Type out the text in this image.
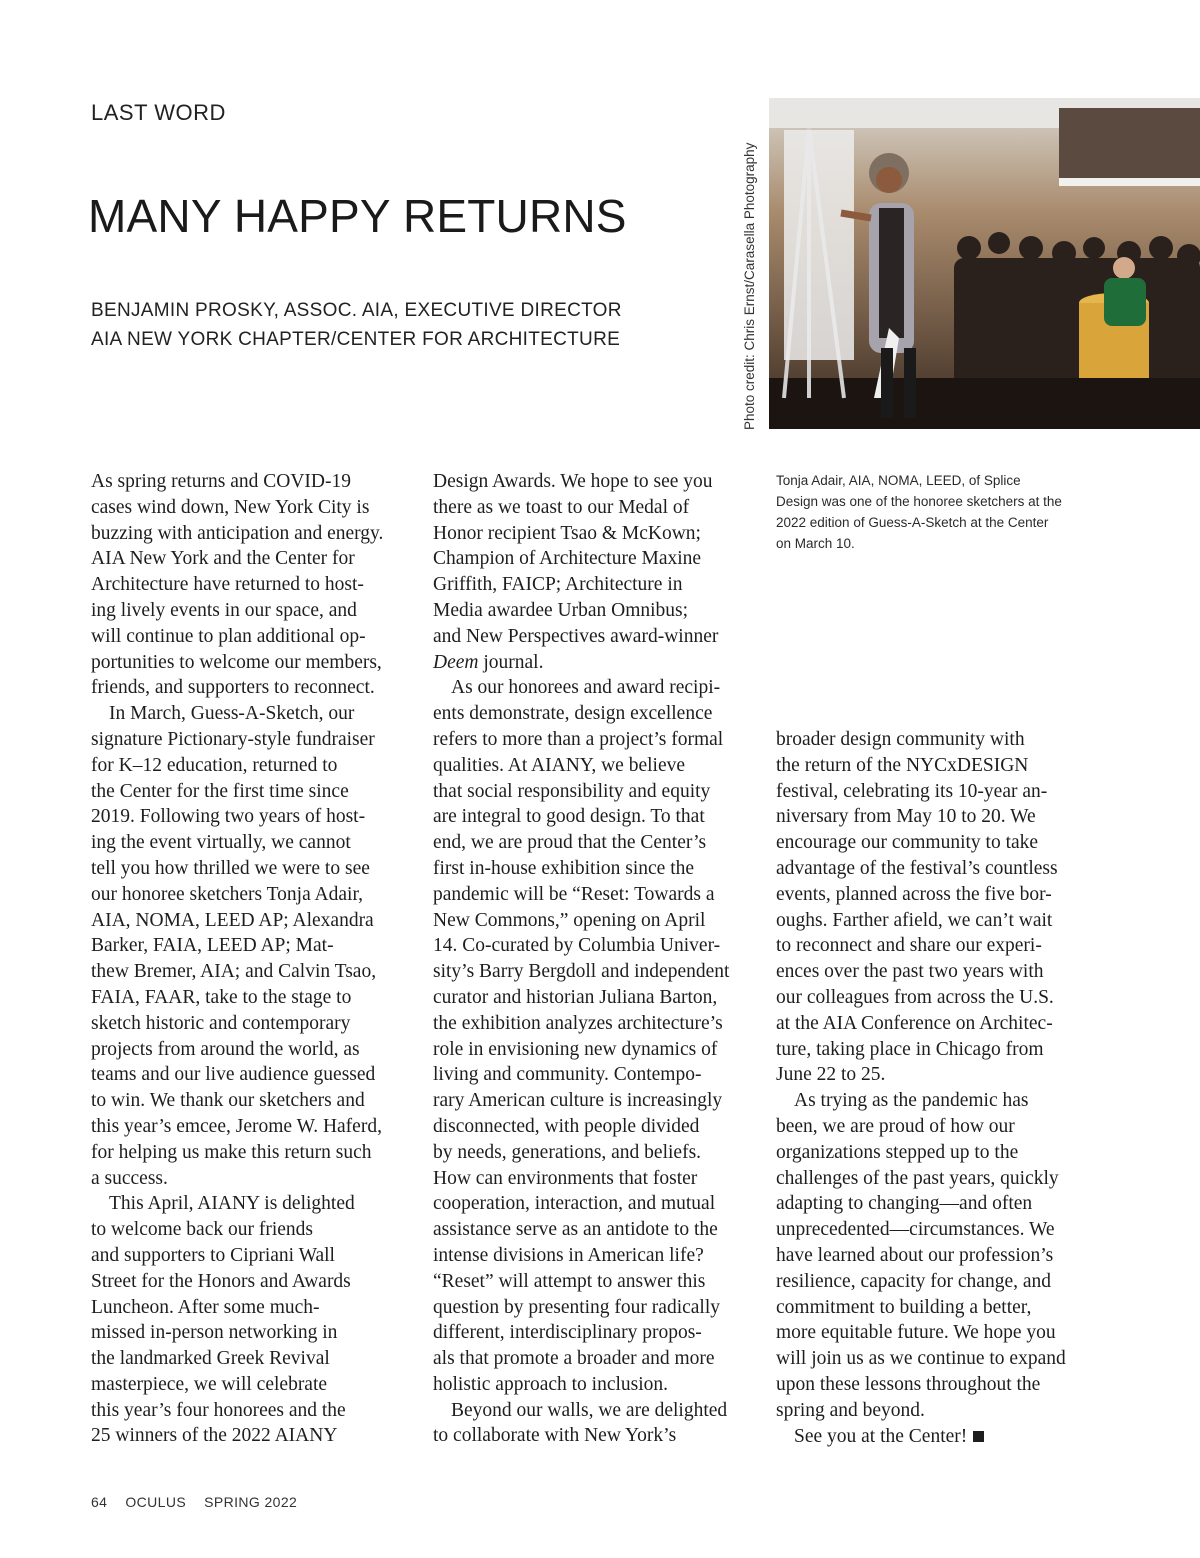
LAST WORD
MANY HAPPY RETURNS
BENJAMIN PROSKY, ASSOC. AIA, EXECUTIVE DIRECTOR
AIA NEW YORK CHAPTER/CENTER FOR ARCHITECTURE	Photo credit: Chris Ernst/Carasella Photography
Tonja Adair, AIA, NOMA, LEED, of Splice Design was one of the honoree sketchers at the 2022 edition of Guess-A-Sketch at the Center on March 10.

As spring returns and COVID-19

cases wind down, New York City is

buzzing with anticipation and energy.

AIA New York and the Center for

Architecture have returned to host-

ing lively events in our space, and

will continue to plan additional op-

portunities to welcome our members,

friends, and supporters to reconnect.

In March, Guess-A-Sketch, our

signature Pictionary-style fundraiser

for K–12 education, returned to

the Center for the first time since

2019. Following two years of host-

ing the event virtually, we cannot

tell you how thrilled we were to see

our honoree sketchers Tonja Adair,

AIA, NOMA, LEED AP; Alexandra

Barker, FAIA, LEED AP; Mat-

thew Bremer, AIA; and Calvin Tsao,

FAIA, FAAR, take to the stage to

sketch historic and contemporary

projects from around the world, as

teams and our live audience guessed

to win. We thank our sketchers and

this year’s emcee, Jerome W. Haferd,

for helping us make this return such

a success.

This April, AIANY is delighted

to welcome back our friends

and supporters to Cipriani Wall

Street for the Honors and Awards

Luncheon. After some much-

missed in-person networking in

the landmarked Greek Revival

masterpiece, we will celebrate

this year’s four honorees and the

25 winners of the 2022 AIANY

Design Awards. We hope to see you

there as we toast to our Medal of

Honor recipient Tsao & McKown;

Champion of Architecture Maxine

Griffith, FAICP; Architecture in

Media awardee Urban Omnibus;

and New Perspectives award-winner

Deem journal.

As our honorees and award recipi-

ents demonstrate, design excellence

refers to more than a project’s formal

qualities. At AIANY, we believe

that social responsibility and equity

are integral to good design. To that

end, we are proud that the Center’s

first in-house exhibition since the

pandemic will be “Reset: Towards a

New Commons,” opening on April

14. Co-curated by Columbia Univer-

sity’s Barry Bergdoll and independent

curator and historian Juliana Barton,

the exhibition analyzes architecture’s

role in envisioning new dynamics of

living and community. Contempo-

rary American culture is increasingly

disconnected, with people divided

by needs, generations, and beliefs.

How can environments that foster

cooperation, interaction, and mutual

assistance serve as an antidote to the

intense divisions in American life?

“Reset” will attempt to answer this

question by presenting four radically

different, interdisciplinary propos-

als that promote a broader and more

holistic approach to inclusion.

Beyond our walls, we are delighted

to collaborate with New York’s

broader design community with

the return of the NYCxDESIGN

festival, celebrating its 10-year an-

niversary from May 10 to 20. We

encourage our community to take

advantage of the festival’s countless

events, planned across the five bor-

oughs. Farther afield, we can’t wait

to reconnect and share our experi-

ences over the past two years with

our colleagues from across the U.S.

at the AIA Conference on Architec-

ture, taking place in Chicago from

June 22 to 25.

As trying as the pandemic has

been, we are proud of how our

organizations stepped up to the

challenges of the past years, quickly

adapting to changing—and often

unprecedented—circumstances. We

have learned about our profession’s

resilience, capacity for change, and

commitment to building a better,

more equitable future. We hope you

will join us as we continue to expand

upon these lessons throughout the

spring and beyond.

See you at the Center!

64 OCULUS SPRING 2022
